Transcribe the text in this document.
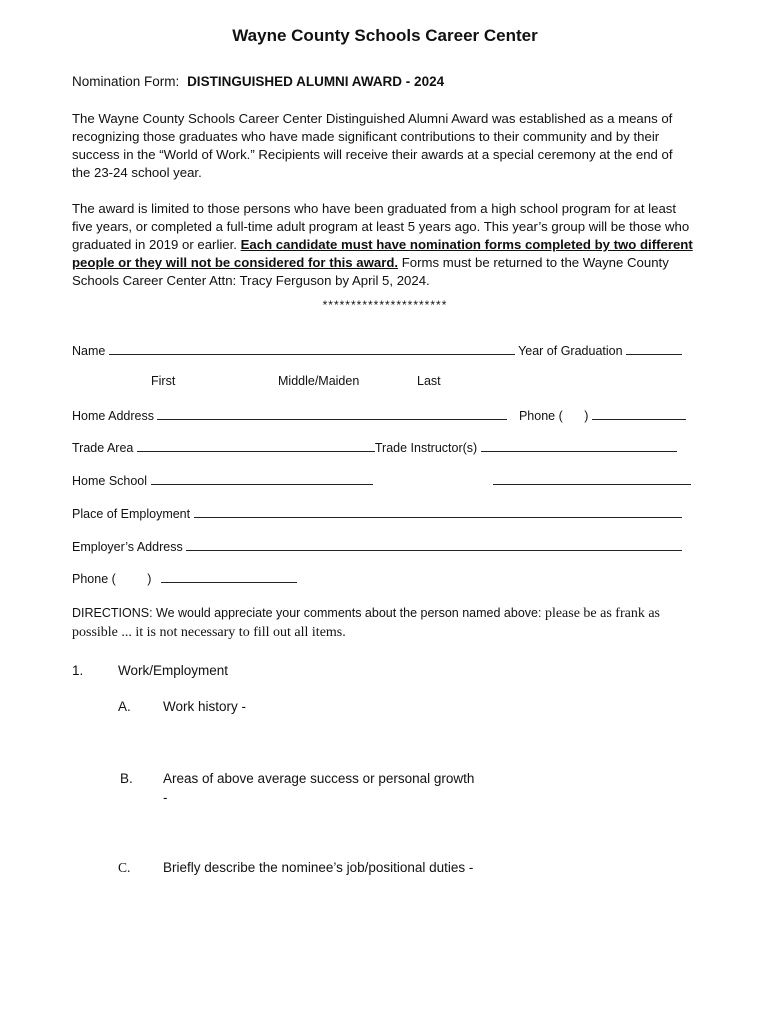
Wayne County Schools Career Center
Nomination Form: DISTINGUISHED ALUMNI AWARD - 2024
The Wayne County Schools Career Center Distinguished Alumni Award was established as a means of recognizing those graduates who have made significant contributions to their community and by their success in the “World of Work.” Recipients will receive their awards at a special ceremony at the end of the 23-24 school year.
The award is limited to those persons who have been graduated from a high school program for at least five years, or completed a full-time adult program at least 5 years ago. This year’s group will be those who graduated in 2019 or earlier. Each candidate must have nomination forms completed by two different people or they will not be considered for this award. Forms must be returned to the Wayne County Schools Career Center Attn: Tracy Ferguson by April 5, 2024.
**********************
Name	Year of Graduation
First	Middle/Maiden	Last
Home Address	Phone ( )
Trade Area	Trade Instructor(s)
Home School
Place of Employment
Employer’s Address
Phone (	)
DIRECTIONS: We would appreciate your comments about the person named above: please be as frank as possible ... it is not necessary to fill out all items.
1.	Work/Employment
A. Work history -
B. Areas of above average success or personal growth
-
C. Briefly describe the nominee’s job/positional duties -
